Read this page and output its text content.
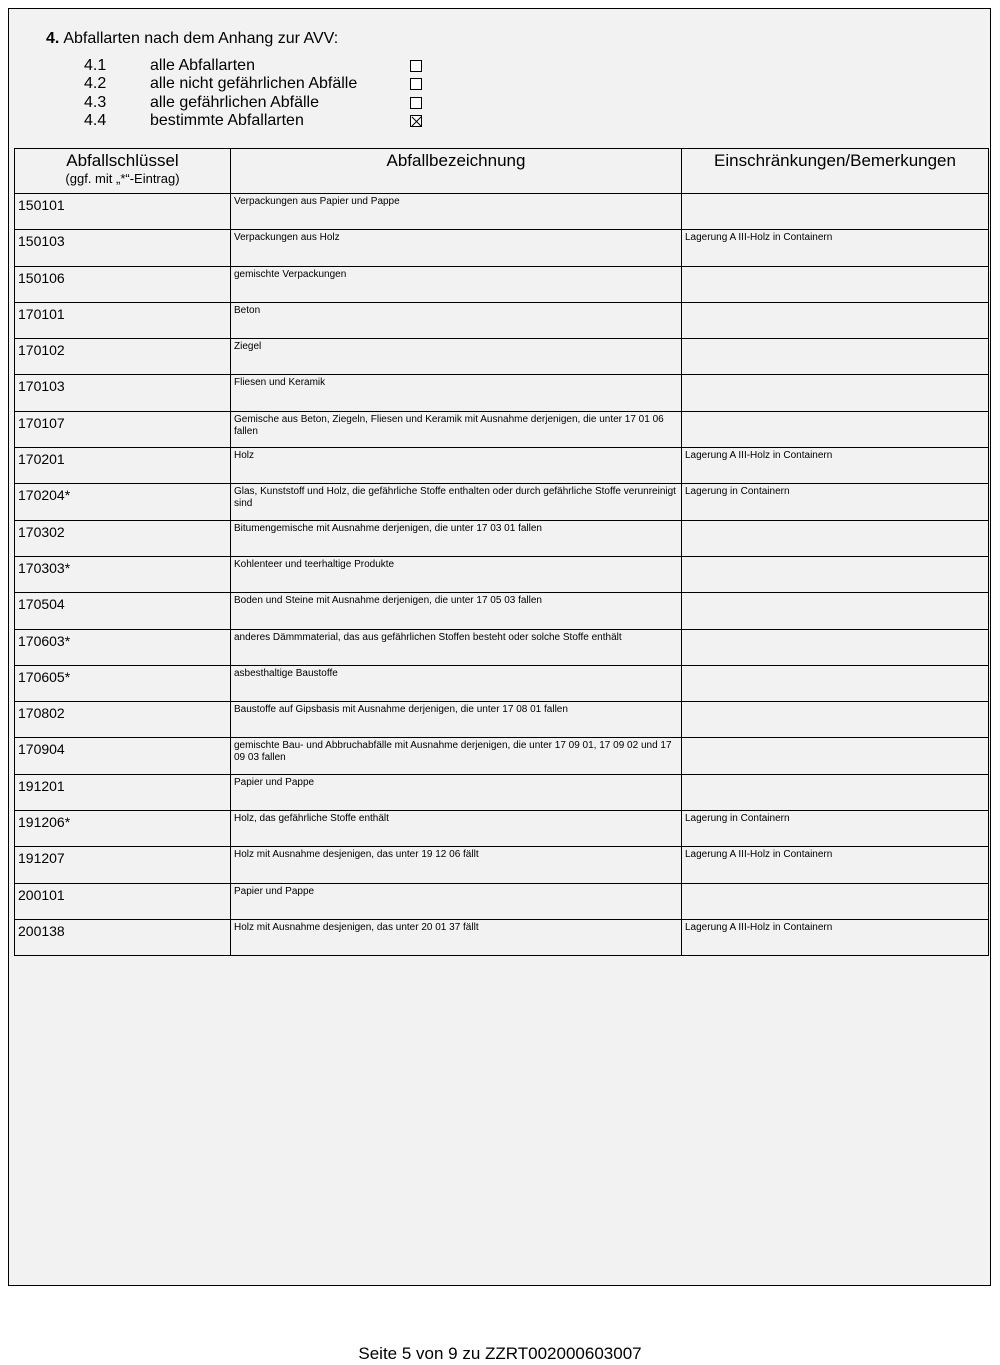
4. Abfallarten nach dem Anhang zur AVV:
4.1	alle Abfallarten
4.2	alle nicht gefährlichen Abfälle
4.3	alle gefährlichen Abfälle
4.4	bestimmte Abfallarten
Abfallschlüssel
(ggf. mit „*“-Eintrag)	Abfallbezeichnung	Einschränkungen/Bemerkungen
150101	Verpackungen aus Papier und Pappe	
150103	Verpackungen aus Holz	Lagerung A III-Holz in Containern
150106	gemischte Verpackungen	
170101	Beton	
170102	Ziegel	
170103	Fliesen und Keramik	
170107	Gemische aus Beton, Ziegeln, Fliesen und Keramik mit Ausnahme derjenigen, die unter 17 01 06 fallen	
170201	Holz	Lagerung A III-Holz in Containern
170204*	Glas, Kunststoff und Holz, die gefährliche Stoffe enthalten oder durch gefährliche Stoffe verunreinigt sind	Lagerung in Containern
170302	Bitumengemische mit Ausnahme derjenigen, die unter 17 03 01 fallen	
170303*	Kohlenteer und teerhaltige Produkte	
170504	Boden und Steine mit Ausnahme derjenigen, die unter 17 05 03 fallen	
170603*	anderes Dämmmaterial, das aus gefährlichen Stoffen besteht oder solche Stoffe enthält	
170605*	asbesthaltige Baustoffe	
170802	Baustoffe auf Gipsbasis mit Ausnahme derjenigen, die unter 17 08 01 fallen	
170904	gemischte Bau- und Abbruchabfälle mit Ausnahme derjenigen, die unter 17 09 01, 17 09 02 und 17 09 03 fallen	
191201	Papier und Pappe	
191206*	Holz, das gefährliche Stoffe enthält	Lagerung in Containern
191207	Holz mit Ausnahme desjenigen, das unter 19 12 06 fällt	Lagerung A III-Holz in Containern
200101	Papier und Pappe	
200138	Holz mit Ausnahme desjenigen, das unter 20 01 37 fällt	Lagerung A III-Holz in Containern
Seite 5 von 9 zu ZZRT002000603007
